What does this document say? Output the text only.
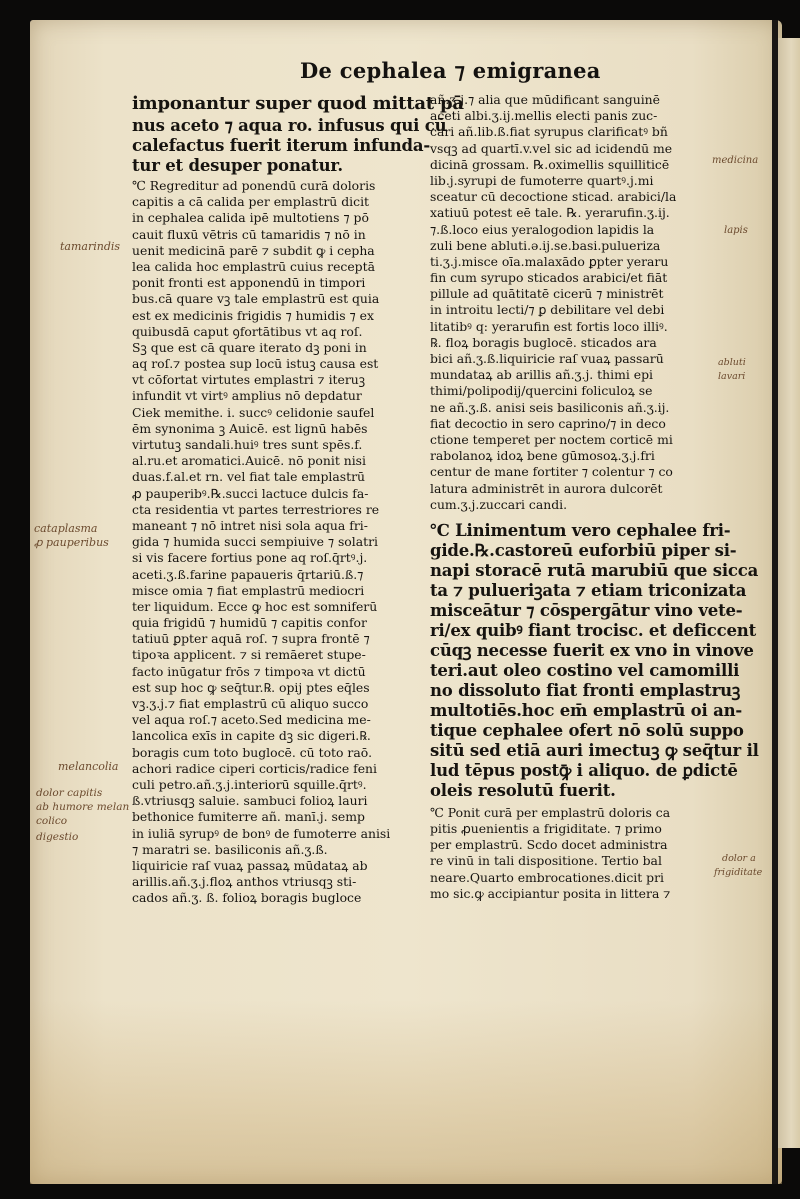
De cephalea ⁊ emigranea
imponantur super quod mittat pā
nus aceto ⁊ aqua ro. infusus qui cū
calefactus fuerit iterum infunda-
tur et desuper ponatur.
℃ Regreditur ad ponendū curā doloris
capitis a cā calida per emplastrū dicit
in cephalea calida ipē multotiens ⁊ pō
cauit fluxū vētris cū tamaridis ⁊ nō in
uenit medicinā parē ⁊ subdit ꝙ i cepha
lea calida hoc emplastrū cuius receptā
ponit fronti est apponendū in timpori
bus.cā quare vꝫ tale emplastrū est quia
est ex medicinis frigidis ⁊ humidis ⁊ ex
quibusdā caput ꝯfortātibus vt aq roſ.
Sꝫ que est cā quare iterato dꝫ poni in
aq roſ.⁊ postea sup locū istuꝫ causa est
vt cōfortat virtutes emplastri ⁊ iteruꝫ
infundit vt virtꝰ amplius nō depdatur
Ciek memithe. i. succꝰ celidonie saufel
ēm synonima ꝫ Auicē. est lignū habēs
virtutuꝫ sandali.huiꝰ tres sunt spēs.f.
al.ru.et aromatici.Auicē. nō ponit nisi
duas.f.al.et rn. vel fiat tale emplastrū
ꝓ pauperibꝰ.℞.succi lactuce dulcis fa-
cta residentia vt partes terrestriores re
maneant ⁊ nō intret nisi sola aqua fri-
gida ⁊ humida succi sempiuive ⁊ solatri
si vis facere fortius pone aq roſ.q̄rtꝰ.j.
aceti.ʒ.ß.farine papaueris q̄rtariū.ß.⁊
misce omia ⁊ fiat emplastrū mediocri
ter liquidum. Ecce ꝙ hoc est somniferū
quia frigidū ⁊ humidū ⁊ capitis confor
tatiuū ꝑpter aquā roſ. ⁊ supra frontē ⁊
tipoꝛa applicent. ⁊ si remāeret stupe-
facto inūgatur frōs ⁊ timpoꝛa vt dictū
est sup hoc ꝙ seq̄tur.℞. opij ptes eq̄les
vꝫ.ʒ.j.⁊ fiat emplastrū cū aliquo succo
vel aqua roſ.⁊ aceto.Sed medicina me-
lancolica exīs in capite dꝫ sic digeri.℞.
boragis cum toto buglocē. cū toto raō.
achori radice ciperi corticis/radice feni
culi petro.añ.ʒ.j.interiorū squille.q̄rtꝰ.
ß.vtriusqꝫ saluie. sambuci folioꝝ lauri
bethonice fumiterre añ. manī.j. semp
in iuliā syrupꝰ de bonꝰ de fumoterre anisi
⁊ maratri se. basiliconis añ.ʒ.ß.
liquiricie raſ vuaꝝ passaꝝ mūdataꝝ ab
arillis.añ.ʒ.j.floꝝ anthos vtriusqꝫ sti-
cados añ.ʒ. ß. folioꝝ boragis bugloce
añ.ʒ.j.⁊ alia que mūdificant sanguinē
aceti albi.ʒ.ij.mellis electi panis zuc-
cari añ.lib.ß.fiat syrupus clarificatꝰ bñ
vsqꝫ ad quartī.v.vel sic ad icidendū me
dicinā grossam. ℞.oximellis squilliticē
lib.j.syrupi de fumoterre quartꝰ.j.mi
sceatur cū decoctione sticad. arabici/la
xatiuū potest eē tale. ℞. yerarufin.ʒ.ij.
⁊.ß.loco eius yeralogodion lapidis la
zuli bene abluti.ə.ij.se.basi.pulueriza
ti.ʒ.j.misce oīa.malaxādo ꝑpter yeraru
fin cum syrupo sticados arabici/et fiāt
pillule ad quātitatē cicerū ⁊ ministrēt
in introitu lecti/⁊ ꝑ debilitare vel debi
litatibꝰ q: yerarufin est fortis loco illiꝰ.
℞. floꝝ boragis buglocē. sticados ara
bici añ.ʒ.ß.liquiricie raſ vuaꝝ passarū
mundataꝝ ab arillis añ.ʒ.j. thimi epi
thimi/polipodij/quercini foliculoꝝ se
ne añ.ʒ.ß. anisi seis basiliconis añ.ʒ.ij.
fiat decoctio in sero caprino/⁊ in deco
ctione temperet per noctem corticē mi
rabolanoꝝ idoꝝ bene gūmosoꝝ.ʒ.j.fri
centur de mane fortiter ⁊ colentur ⁊ co
latura administrēt in aurora dulcorēt
cum.ʒ.j.zuccari candi.
℃ Linimentum vero cephalee fri-
gide.℞.castoreū euforbiū piper si-
napi storacē rutā marubiū que sicca
ta ⁊ pulueriꝫata ⁊ etiam triconizata
misceātur ⁊ cōspergātur vino vete-
ri/ex quibꝰ fiant trocisc. et deficcent
cūqꝫ necesse fuerit ex vno in vinove
teri.aut oleo costino vel camomilli
no dissoluto fiat fronti emplastruꝫ
multotiēs.hoc em̄ emplastrū oi an-
tique cephalee ofert nō solū suppo
sitū sed etiā auri imectuꝫ ꝙ seq̄tur il
lud tēpus postꝙ̄ i aliquo. de ꝑdictē
oleis resolutū fuerit.
℃ Ponit curā per emplastrū doloris ca
pitis ꝓuenientis a frigiditate. ⁊ primo
per emplastrū. Scdo docet administra
re vinū in tali dispositione. Tertio bal
neare.Quarto embrocationes.dicit pri
mo sic.ꝙ accipiantur posita in littera ⁊
tamarindis
cataplasma
ꝓ pauperibus
melancolia
dolor capitis
ab humore melan
colico
digestio
medicina
lapis
abluti
lavari
dolor a
frigiditate
